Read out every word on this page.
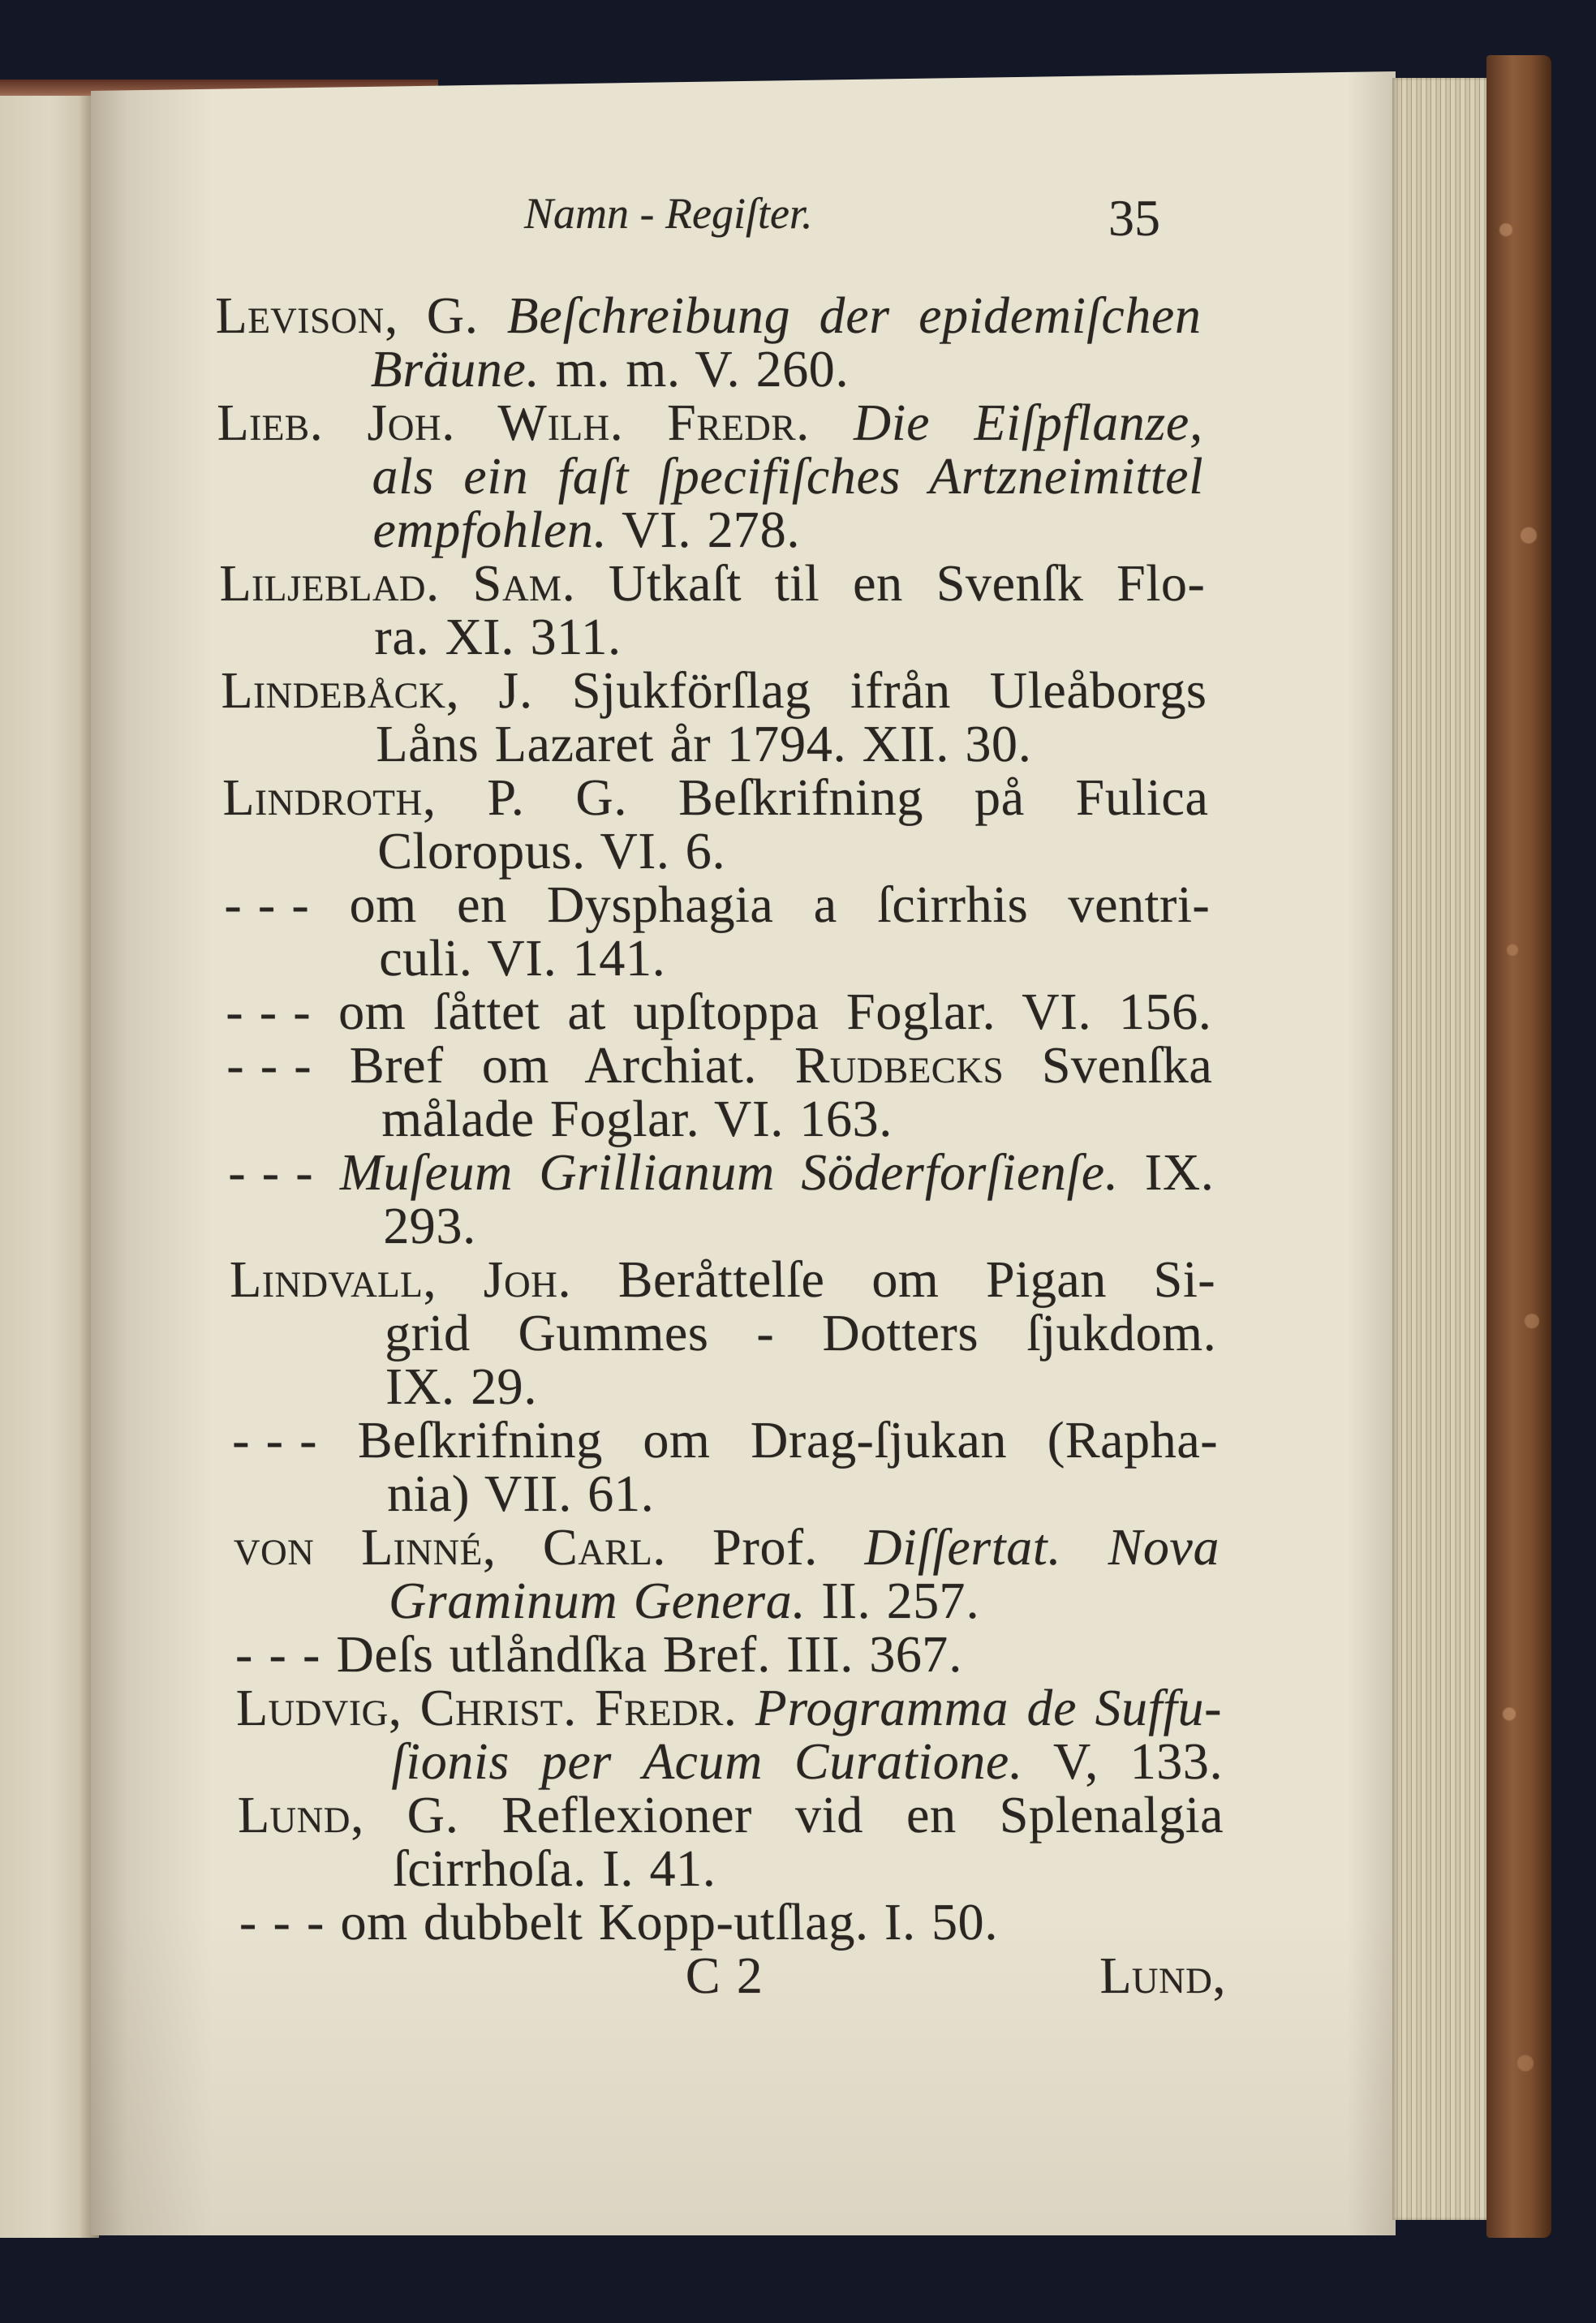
Namn - Regiſter.	35
Levison, G. Beſchreibung der epidemiſchen
Bräune. m. m. V. 260.
Lieb. Joh. Wilh. Fredr. Die Eiſpflanze,
als ein faſt ſpecifiſches Artzneimittel
empfohlen. VI. 278.
Liljeblad. Sam. Utkaſt til en Svenſk Flo-
ra. XI. 311.
Lindebåck, J. Sjukförſlag ifrån Uleåborgs
Låns Lazaret år 1794. XII. 30.
Lindroth, P. G. Beſkrifning på Fulica
Cloropus. VI. 6.
- - - om en Dysphagia a ſcirrhis ventri-
culi. VI. 141.
- - - om ſåttet at upſtoppa Foglar. VI. 156.
- - - Bref om Archiat. Rudbecks Svenſka
målade Foglar. VI. 163.
- - - Muſeum Grillianum Söderforſienſe. IX.
293.
Lindvall, Joh. Beråttelſe om Pigan Si-
grid Gummes - Dotters ſjukdom.
IX. 29.
- - - Beſkrifning om Drag-ſjukan (Rapha-
nia) VII. 61.
von Linné, Carl. Prof. Diſſertat. Nova
Graminum Genera. II. 257.
- - - Deſs utlåndſka Bref. III. 367.
Ludvig, Chriſt. Fredr. Programma de Suffu-
ſionis per Acum Curatione. V, 133.
Lund, G. Reflexioner vid en Splenalgia
ſcirrhoſa. I. 41.
- - - om dubbelt Kopp-utſlag. I. 50.
C 2	Lund,
